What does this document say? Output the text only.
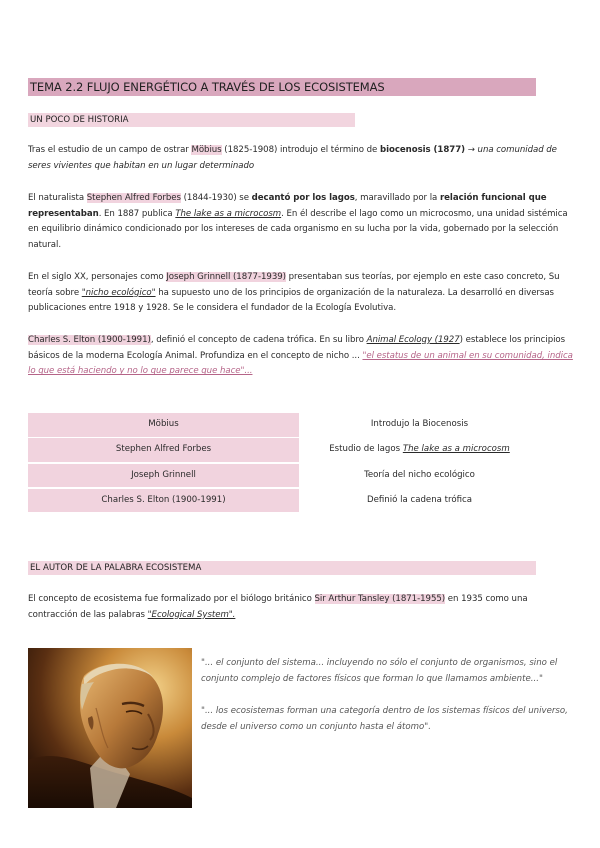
TEMA 2.2 FLUJO ENERGÉTICO A TRAVÉS DE LOS ECOSISTEMAS
UN POCO DE HISTORIA
Tras el estudio de un campo de ostrar Möbius (1825-1908) introdujo el término de biocenosis (1877) → una comunidad de seres vivientes que habitan en un lugar determinado
El naturalista Stephen Alfred Forbes (1844-1930) se decantó por los lagos, maravillado por la relación funcional que representaban. En 1887 publica The lake as a microcosm. En él describe el lago como un microcosmo, una unidad sistémica en equilibrio dinámico condicionado por los intereses de cada organismo en su lucha por la vida, gobernado por la selección natural.
En el siglo XX, personajes como Joseph Grinnell (1877-1939) presentaban sus teorías, por ejemplo en este caso concreto, Su teoría sobre "nicho ecológico" ha supuesto uno de los principios de organización de la naturaleza. La desarrolló en diversas publicaciones entre 1918 y 1928. Se le considera el fundador de la Ecología Evolutiva.
Charles S. Elton (1900-1991), definió el concepto de cadena trófica. En su libro Animal Ecology (1927) establece los principios básicos de la moderna Ecología Animal. Profundiza en el concepto de nicho ... "el estatus de un animal en su comunidad, indica lo que está haciendo y no lo que parece que hace"...
Möbius	Introdujo la Biocenosis
Stephen Alfred Forbes	Estudio de lagos The lake as a microcosm
Joseph Grinnell	Teoría del nicho ecológico
Charles S. Elton (1900-1991)	Definió la cadena trófica
EL AUTOR DE LA PALABRA ECOSISTEMA
El concepto de ecosistema fue formalizado por el biólogo británico Sir Arthur Tansley (1871-1955) en 1935 como una contracción de las palabras "Ecological System".
"... el conjunto del sistema... incluyendo no sólo el conjunto de organismos, sino el conjunto complejo de factores físicos que forman lo que llamamos ambiente..."
"... los ecosistemas forman una categoría dentro de los sistemas físicos del universo, desde el universo como un conjunto hasta el átomo".
